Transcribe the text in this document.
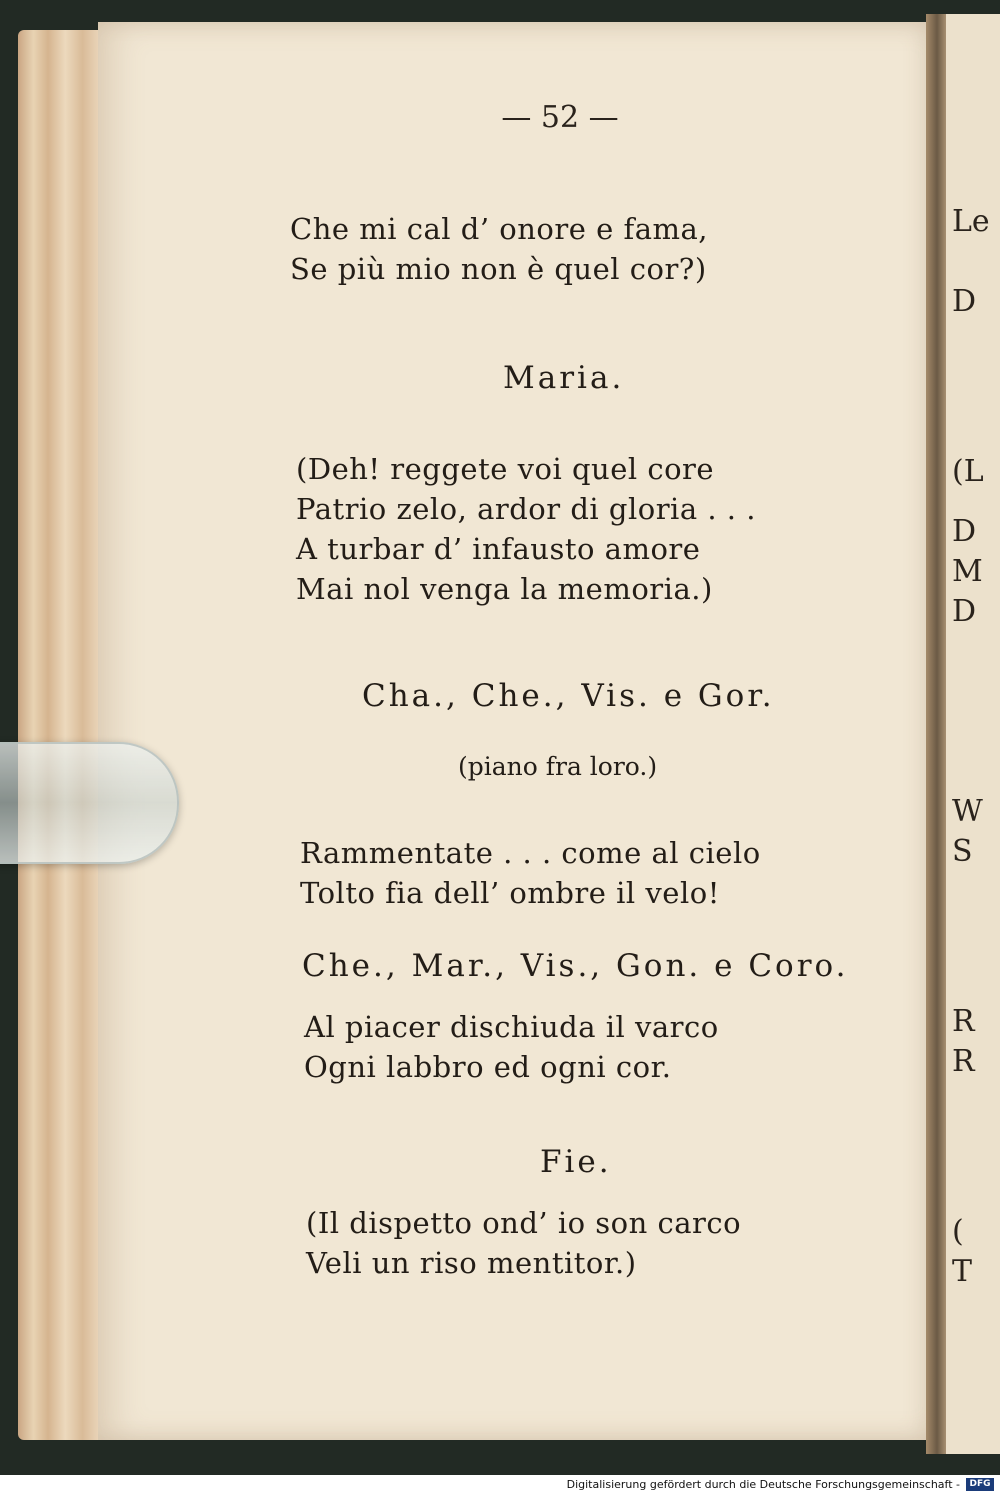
Le
D
(L
D
M
D
W
S
R
R
(
T
— 52 —
Che mi cal d’ onore e fama,
Se più mio non è quel cor?)
Maria.
(Deh! reggete voi quel core
Patrio zelo, ardor di gloria . . .
A turbar d’ infausto amore
Mai nol venga la memoria.)
Cha., Che., Vis. e Gor.
(piano fra loro.)
Rammentate . . . come al cielo
Tolto fia dell’ ombre il velo!
Che., Mar., Vis., Gon. e Coro.
Al piacer dischiuda il varco
Ogni labbro ed ogni cor.
Fie.
(Il dispetto ond’ io son carco
Veli un riso mentitor.)
Digitalisierung gefördert durch die Deutsche Forschungsgemeinschaft -	DFG
